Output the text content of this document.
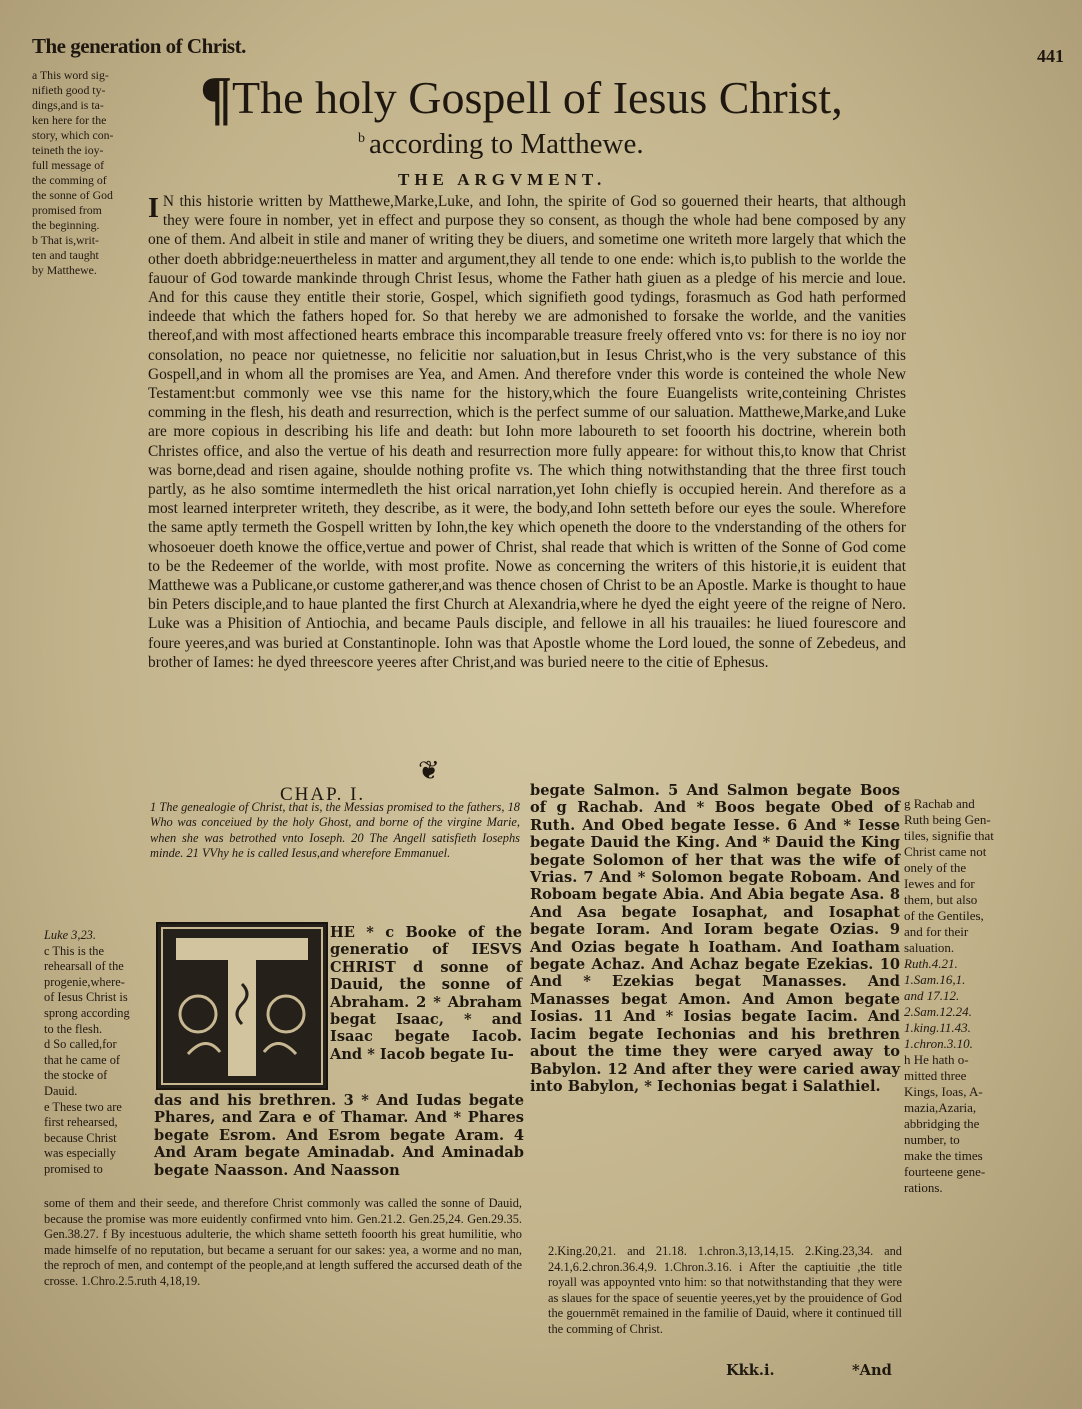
The generation of Christ.	441
a This word sig-
nifieth good ty-
dings,and is ta-
ken here for the
story, which con-
teineth the ioy-
full message of
the comming of
the sonne of God
promised from
the beginning.
b That is,writ-
ten and taught
by Matthewe.
¶ The holy Gospell of Iesus Christ,
$^b$ according to Matthewe.
THE ARGVMENT.
I N this historie written by Matthewe,Marke,Luke, and Iohn, the spirite of God so gouerned their hearts, that although they were foure in nomber, yet in effect and purpose they so consent, as though the whole had bene composed by any one of them. And albeit in stile and maner of writing they be diuers, and sometime one writeth more largely that which the other doeth abbridge:neuertheless in matter and argument,they all tende to one ende: which is,to publish to the worlde the fauour of God towarde mankinde through Christ Iesus, whome the Father hath giuen as a pledge of his mercie and loue. And for this cause they entitle their storie, Gospel, which signifieth good tydings, forasmuch as God hath performed indeede that which the fathers hoped for. So that hereby we are admonished to forsake the worlde, and the vanities thereof,and with most affectioned hearts embrace this incomparable treasure freely offered vnto vs: for there is no ioy nor consolation, no peace nor quietnesse, no felicitie nor saluation,but in Iesus Christ,who is the very substance of this Gospell,and in whom all the promises are Yea, and Amen. And therefore vnder this worde is conteined the whole New Testament:but commonly wee vse this name for the history,which the foure Euangelists write,conteining Christes comming in the flesh, his death and resurrection, which is the perfect summe of our saluation. Matthewe,Marke,and Luke are more copious in describing his life and death: but Iohn more laboureth to set fooorth his doctrine, wherein both Christes office, and also the vertue of his death and resurrection more fully appeare: for without this,to know that Christ was borne,dead and risen againe, shoulde nothing profite vs. The which thing notwithstanding that the three first touch partly, as he also somtime intermedleth the hist orical narration,yet Iohn chiefly is occupied herein. And therefore as a most learned interpreter writeth, they describe, as it were, the body,and Iohn setteth before our eyes the soule. Wherefore the same aptly termeth the Gospell written by Iohn,the key which openeth the doore to the vnderstanding of the others for whosoeuer doeth knowe the office,vertue and power of Christ, shal reade that which is written of the Sonne of God come to be the Redeemer of the worlde, with most profite. Nowe as concerning the writers of this historie,it is euident that Matthewe was a Publicane,or custome gatherer,and was thence chosen of Christ to be an Apostle. Marke is thought to haue bin Peters disciple,and to haue planted the first Church at Alexandria,where he dyed the eight yeere of the reigne of Nero. Luke was a Phisition of Antiochia, and became Pauls disciple, and fellowe in all his trauailes: he liued fourescore and foure yeeres,and was buried at Constantinople. Iohn was that Apostle whome the Lord loued, the sonne of Zebedeus, and brother of Iames: he dyed threescore yeeres after Christ,and was buried neere to the citie of Ephesus.
❦
CHAP. I.
1 The genealogie of Christ, that is, the Messias promised to the fathers, 18 Who was conceiued by the holy Ghost, and borne of the virgine Marie, when she was betrothed vnto Ioseph. 20 The Angell satisfieth Iosephs minde. 21 VVhy he is called Iesus,and wherefore Emmanuel.
Luke 3,23.
c This is the
rehearsall of the
progenie,where-
of Iesus Christ is
sprong according
to the flesh.
d So called,for
that he came of
the stocke of
Dauid.
e These two are
first rehearsed,
because Christ
was especially
promised to
HE * c Booke of the generatio of IESVS CHRIST d sonne of Dauid, the sonne of Abraham. 2 * Abraham begat Isaac, * and Isaac begate Iacob. And * Iacob begate Iu-
das and his brethren. 3 * And Iudas begate Phares, and Zara e of Thamar. And * Phares begate Esrom. And Esrom begate Aram. 4 And Aram begate Aminadab. And Aminadab begate Naasson. And Naasson
some of them and their seede, and therefore Christ commonly was called the sonne of Dauid, because the promise was more euidently confirmed vnto him. Gen.21.2. Gen.25,24. Gen.29.35. Gen.38.27. f By incestuous adulterie, the which shame setteth fooorth his great humilitie, who made himselfe of no reputation, but became a seruant for our sakes: yea, a worme and no man, the reproch of men, and contempt of the people,and at length suffered the accursed death of the crosse. 1.Chro.2.5.ruth 4,18,19.
begate Salmon. 5 And Salmon begate Boos of g Rachab. And * Boos begate Obed of Ruth. And Obed begate Iesse. 6 And * Iesse begate Dauid the King. And * Dauid the King begate Solomon of her that was the wife of Vrias. 7 And * Solomon begate Roboam. And Roboam begate Abia. And Abia begate Asa. 8 And Asa begate Iosaphat, and Iosaphat begate Ioram. And Ioram begate Ozias. 9 And Ozias begate h Ioatham. And Ioatham begate Achaz. And Achaz begate Ezekias. 10 And * Ezekias begat Manasses. And Manasses begat Amon. And Amon begate Iosias. 11 And * Iosias begate Iacim. And Iacim begate Iechonias and his brethren about the time they were caryed away to Babylon. 12 And after they were caried away into Babylon, * Iechonias begat i Salathiel.
2.King.20,21. and 21.18. 1.chron.3,13,14,15. 2.King.23,34. and 24.1,6.2.chron.36.4,9. 1.Chron.3.16. i After the captiuitie ,the title royall was appoynted vnto him: so that notwithstanding that they were as slaues for the space of seuentie yeeres,yet by the prouidence of God the gouernmēt remained in the familie of Dauid, where it continued till the comming of Christ.
g Rachab and
Ruth being Gen-
tiles, signifie that
Christ came not
onely of the
Iewes and for
them, but also
of the Gentiles,
and for their
saluation.
Ruth.4.21.
1.Sam.16,1.
and 17.12.
2.Sam.12.24.
1.king.11.43.
1.chron.3.10.
h He hath o-
mitted three
Kings, Ioas, A-
mazia,Azaria,
abbridging the
number, to
make the times
fourteene gene-
rations.
Kkk.i.	*And
